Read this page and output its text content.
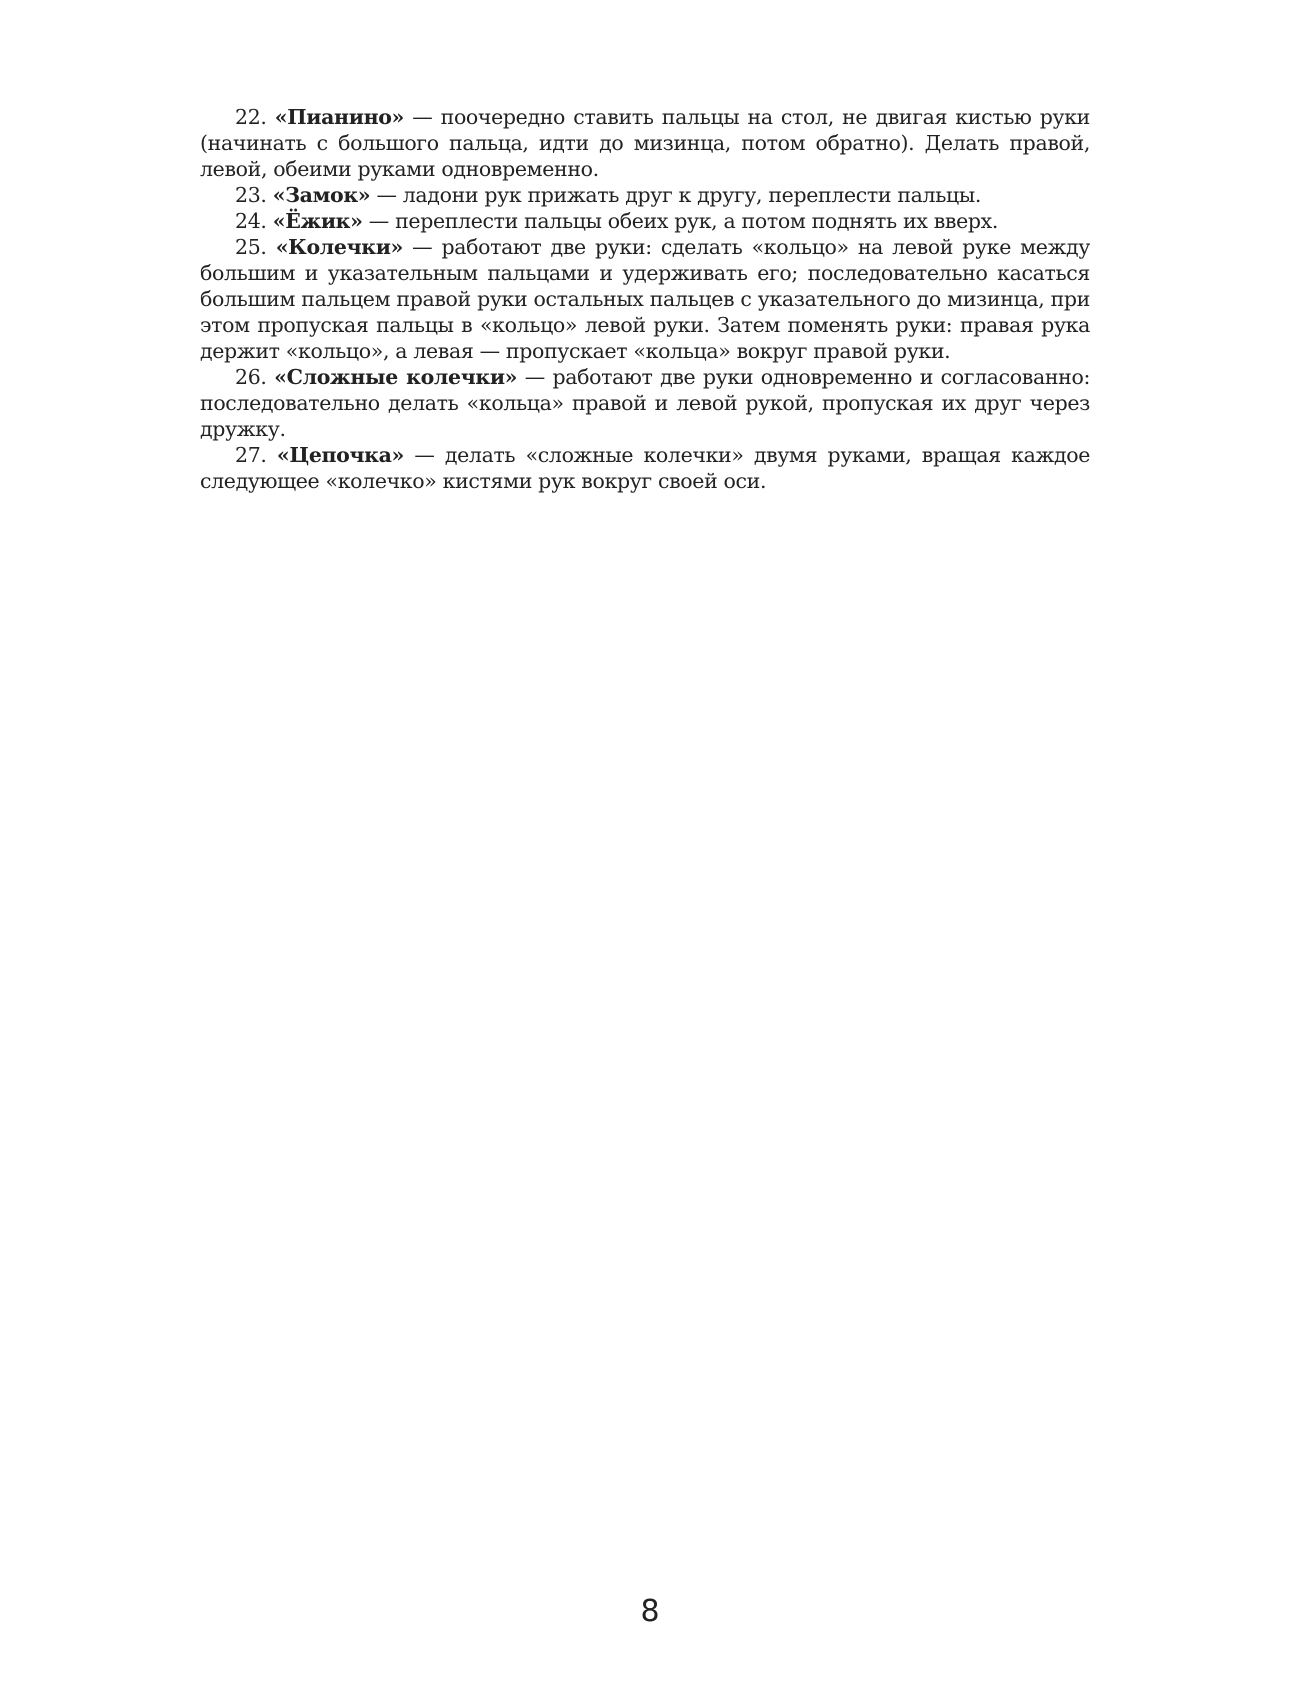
22. «Пианино» — поочередно ставить пальцы на стол, не двигая кистью руки (начинать с большого пальца, идти до мизинца, потом обратно). Делать правой, левой, обеими руками одновременно.

23. «Замок» — ладони рук прижать друг к другу, переплести пальцы.

24. «Ёжик» — переплести пальцы обеих рук, а потом поднять их вверх.

25. «Колечки» — работают две руки: сделать «кольцо» на левой руке между большим и указательным пальцами и удерживать его; последовательно касаться большим пальцем правой руки остальных пальцев с указательного до мизинца, при этом пропуская пальцы в «кольцо» левой руки. Затем поменять руки: правая рука держит «кольцо», а левая — пропускает «кольца» вокруг правой руки.

26. «Сложные колечки» — работают две руки одновременно и согласованно: последовательно делать «кольца» правой и левой рукой, пропуская их друг через дружку.

27. «Цепочка» — делать «сложные колечки» двумя руками, вращая каждое следующее «колечко» кистями рук вокруг своей оси.

8
